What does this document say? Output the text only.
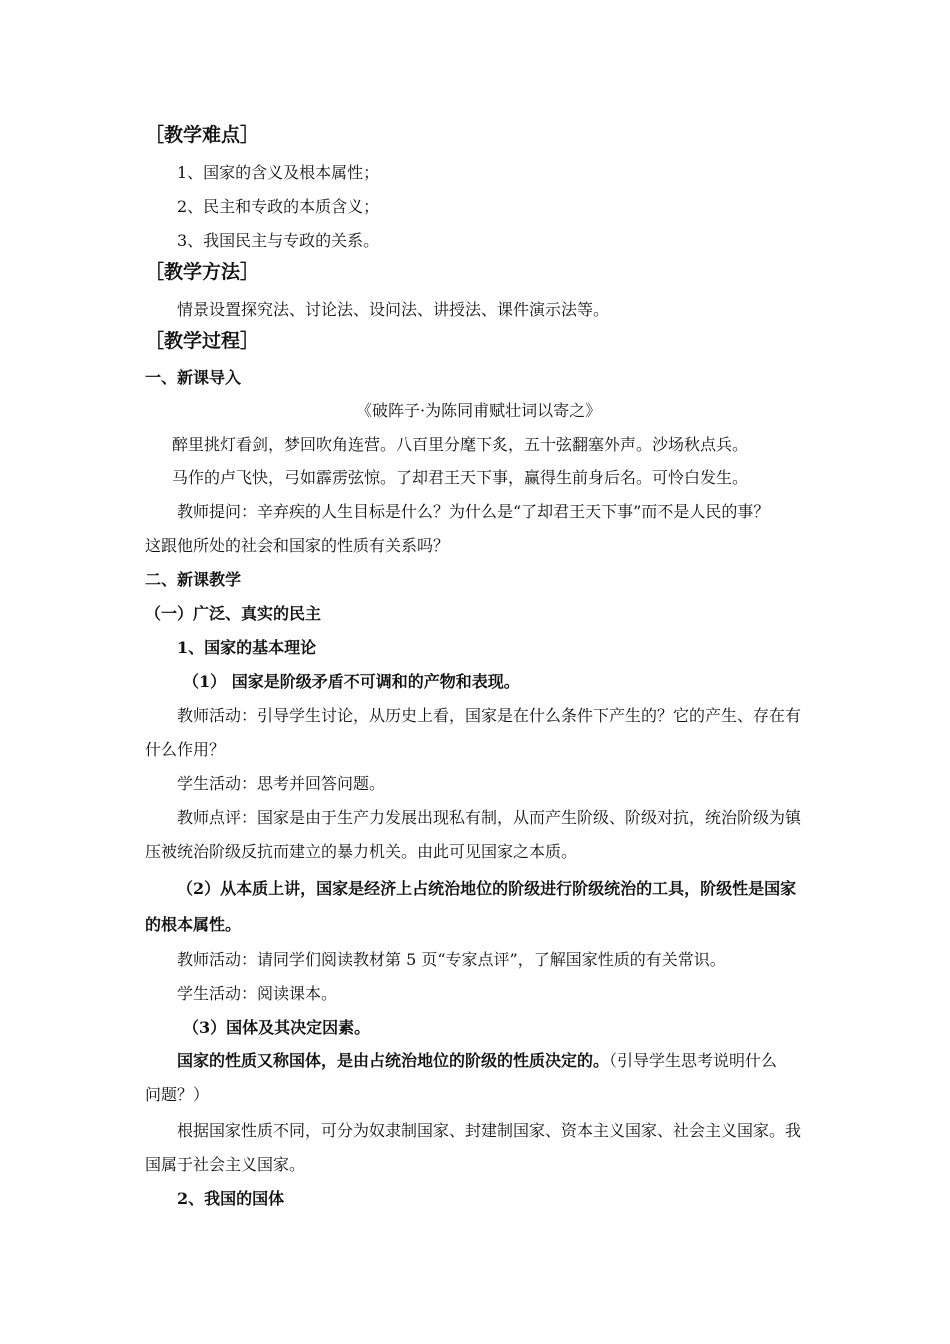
［教学难点］
1、国家的含义及根本属性；
2、民主和专政的本质含义；
3、我国民主与专政的关系。
［教学方法］
情景设置探究法、讨论法、设问法、讲授法、课件演示法等。
［教学过程］
一、新课导入
《破阵子·为陈同甫赋壮词以寄之》
醉里挑灯看剑，梦回吹角连营。八百里分麾下炙，五十弦翻塞外声。沙场秋点兵。
马作的卢飞快，弓如霹雳弦惊。了却君王天下事，赢得生前身后名。可怜白发生。
教师提问：辛弃疾的人生目标是什么？为什么是“了却君王天下事”而不是人民的事？
这跟他所处的社会和国家的性质有关系吗？
二、新课教学
（一）广泛、真实的民主
1、国家的基本理论
（1） 国家是阶级矛盾不可调和的产物和表现。
教师活动：引导学生讨论，从历史上看，国家是在什么条件下产生的？它的产生、存在有
什么作用？
学生活动：思考并回答问题。
教师点评：国家是由于生产力发展出现私有制，从而产生阶级、阶级对抗，统治阶级为镇
压被统治阶级反抗而建立的暴力机关。由此可见国家之本质。
（2）从本质上讲，国家是经济上占统治地位的阶级进行阶级统治的工具，阶级性是国家
的根本属性。
教师活动：请同学们阅读教材第 5 页“专家点评”，了解国家性质的有关常识。
学生活动：阅读课本。
（3）国体及其决定因素。
国家的性质又称国体，是由占统治地位的阶级的性质决定的。（引导学生思考说明什么
问题？）
根据国家性质不同，可分为奴隶制国家、封建制国家、资本主义国家、社会主义国家。我
国属于社会主义国家。
2、我国的国体
